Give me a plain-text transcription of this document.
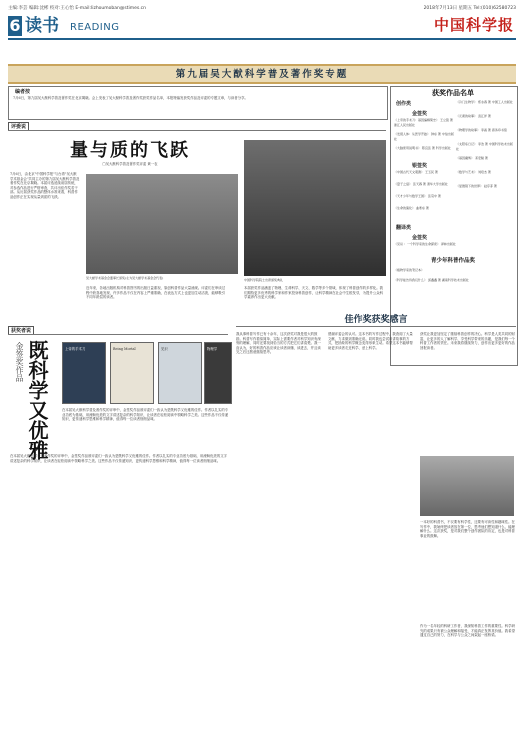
主编:李芸 编辑:沈彬 校对:王心怡 E-mail:lizhoumoban@stimes.cn	2018年7月13日 星期五 Tel:(010)62580723
6 读书 READING	中国科学报
第九届吴大猷科学普及著作奖专题
编者按
7月6日，第九届吴大猷科学普及著作奖在北京揭晓。会上发表了吴大猷科学普及著作奖获奖作品名单，本报特编发获奖作品及评委的专题文章，与读者分享。
评委说
量与质的飞跃
□吴大猷科学普及著作奖评委 黄一农
7月6日，由北京"中国科学报"与台湾"吴大猷学术基金会"共同主办的第九届吴大猷科学普及著作奖在北京揭晓。本届评选延续前届传统，对参选作品进行严格审查，共评出佳作奖若干部。从历届获奖作品的整体水准来看，科普作品创作正在实现从量到质的飞跃。
吴大猷学术基金会董事长颁奖(左为吴大猷学术基金会代表)	中国科学院院士出席颁奖典礼
近年来，各地出版机构对科普图书的出版日益重视，原创科普作品大量涌现。评委们在审读过程中欣喜地发现，许多作品不仅在内容上严谨准确，在表达方式上也更加生动活泼，能够吸引不同年龄层的读者。
本届获奖作品涵盖了物理、生命科学、天文、数学等多个领域，体现了科普创作的多样化。我们期待更多优秀的科学家和作家投身科普创作，让科学精神在社会中生根发芽，为提升公众科学素养作出更大贡献。
获奖作品名单
创作类
金签奖
《上帝的手术刀：基因编辑简史》 王立铭 著 浙江人民出版社
《发现人体：从医学开始》 钟东 著 中信出版社
《大脑使用说明书》 陈宜张 著 科学出版社
银签奖
《中国古代天文观测》 王玉民 著
《量子之谜》 张天蓉 著 清华大学出版社
《天才少年与数学王国》 张景中 著
《生命的演化》 曲寒东 著
《冷门生物学》 郑永春 著 中国工人出版社
《元素的故事》 袁江洋 著
《物理学的故事》 李淼 著 商务印书馆
《太阳系日记》 李治 著 中国科学技术出版社
《基因魔剪》 邓宏魁 著
《数学与艺术》 刘培杰 著
《显微镜下的世界》 赵序茅 著
翻译类
金签奖
《见识 ：一个科学家的生命探索》 译林出版社
青少年科普作品奖
《植物学家的笔记本》
《科学能告诉我们什么》 邱鑫鑫 著 湖南科学技术出版社
获奖者说
既科学又优雅
金签奖作品	上帝的手术刀	Being Mortal	见识	物理学
在本届吴大猷科学普及著作奖的评审中，金签奖作品被评委们一致认为是既科学又优雅的佳作。作者以扎实的专业功底为基础，用流畅优美的文字讲述复杂的科学知识，让读者在轻松阅读中领略科学之美。这些作品不仅传递知识，更传递科学思维和科学精神，值得每一位读者细细品味。
在本届吴大猷科学普及著作奖的评审中，金签奖作品被评委们一致认为是既科学又优雅的佳作。作者以扎实的专业功底为基础，用流畅优美的文字讲述复杂的科学知识，让读者在轻松阅读中领略科学之美。这些作品不仅传递知识，更传递科学思维和科学精神，值得每一位读者细细品味。
佳作奖获奖感言
我从事科普写作已有十余年，这次获奖对我是很大的鼓励。科普写作看似简单，实际上需要作者对科学知识有深刻的理解，同时还要找到恰当的方式把它们讲清楚。我一直认为，好的科普作品应该让读者读懂、读进去，并且读完之后还愿意继续思考。
感谢评委会的认可。这本书的写作过程中，我查阅了大量文献，力求做到准确无误。同时我也尝试用讲故事的方式，把抽象的科学概念变得形象生动。希望这本书能够帮助更多读者走近科学、爱上科学。
获奖让我更加坚定了继续科普创作的决心。科学是人类共同的财富，让更多的人了解科学、享受科学带来的乐趣，是我们每一个科普工作者的责任。未来我将继续努力，创作出更多更好的作品回报读者。
一本好的科普书，不仅要有科学性，还要有可读性和趣味性。在写作中，我始终把读者放在第一位，思考他们想知道什么、能理解什么。这次获奖，是对我们整个创作团队的肯定，也是对科普事业的鼓舞。
作为一名年轻的科研工作者，我深知科普工作的重要性。科学研究的成果只有被公众理解和接受，才能真正发挥其价值。我希望通过自己的努力，在科学与公众之间架起一座桥梁。
